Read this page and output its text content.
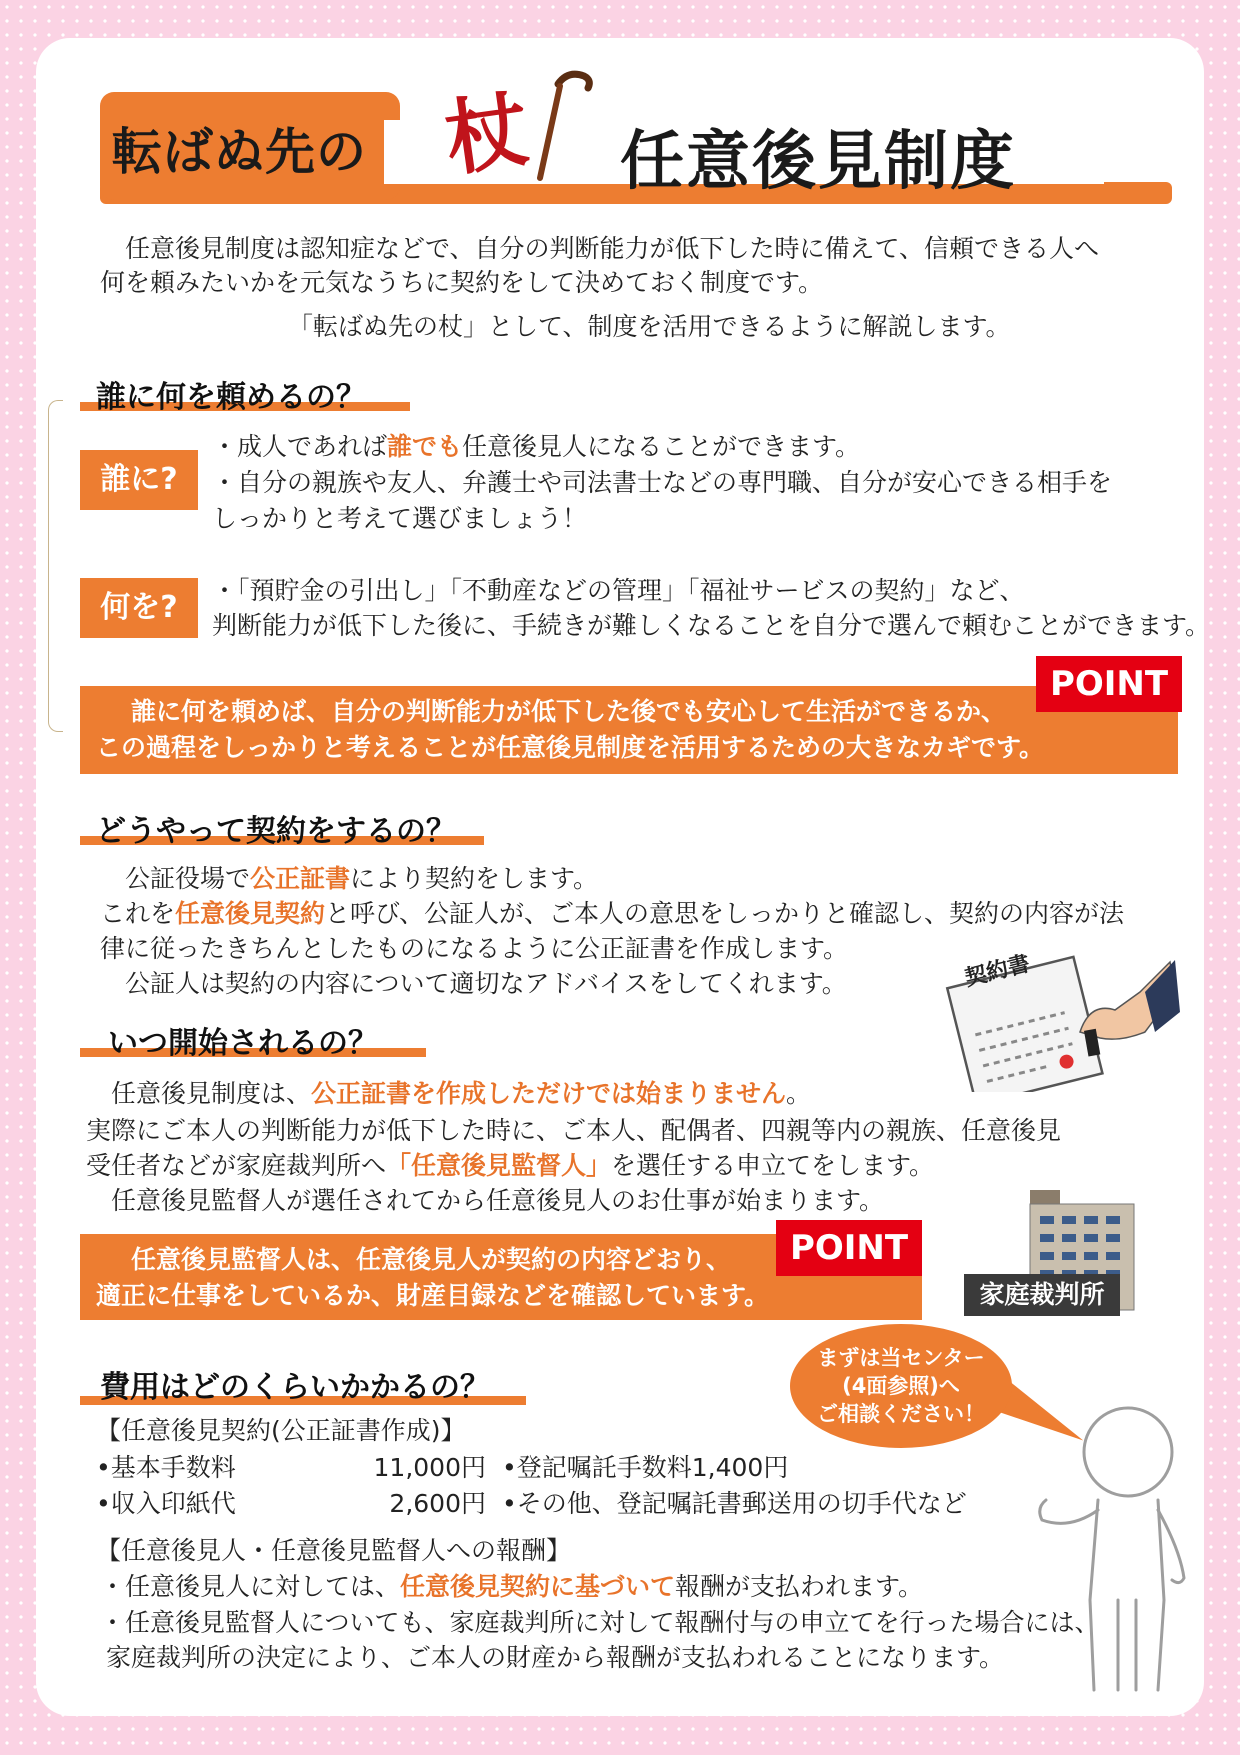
転ばぬ先の 杖 任意後見制度
　任意後見制度は認知症などで、自分の判断能力が低下した時に備えて、信頼できる人へ
何を頼みたいかを元気なうちに契約をして決めておく制度です。
「転ばぬ先の杖」として、制度を活用できるように解説します。
誰に何を頼めるの？
誰に?
・成人であれば誰でも任意後見人になることができます。
・自分の親族や友人、弁護士や司法書士などの専門職、自分が安心できる相手を
しっかりと考えて選びましょう！
何を?	・「預貯金の引出し」「不動産などの管理」「福祉サービスの契約」など、
判断能力が低下した後に、手続きが難しくなることを自分で選んで頼むことができます。
　誰に何を頼めば、自分の判断能力が低下した後でも安心して生活ができるか、
この過程をしっかりと考えることが任意後見制度を活用するための大きなカギです。
POINT
どうやって契約をするの？
　公証役場で公正証書により契約をします。
これを任意後見契約と呼び、公証人が、ご本人の意思をしっかりと確認し、契約の内容が法
律に従ったきちんとしたものになるように公正証書を作成します。
　公証人は契約の内容について適切なアドバイスをしてくれます。	契約書
いつ開始されるの？
　任意後見制度は、公正証書を作成しただけでは始まりません。
実際にご本人の判断能力が低下した時に、ご本人、配偶者、四親等内の親族、任意後見
受任者などが家庭裁判所へ「任意後見監督人」を選任する申立てをします。
　任意後見監督人が選任されてから任意後見人のお仕事が始まります。
　任意後見監督人は、任意後見人が契約の内容どおり、
適正に仕事をしているか、財産目録などを確認しています。
POINT
家庭裁判所
費用はどのくらいかかるの？
まずは当センター
(4面参照)へ
ご相談ください！
【任意後見契約(公正証書作成)】
•基本手数料	11,000円 •登記嘱託手数料1,400円
•収入印紙代	2,600円 •その他、登記嘱託書郵送用の切手代など
【任意後見人・任意後見監督人への報酬】
・任意後見人に対しては、任意後見契約に基づいて報酬が支払われます。
・任意後見監督人についても、家庭裁判所に対して報酬付与の申立てを行った場合には、
家庭裁判所の決定により、ご本人の財産から報酬が支払われることになります。
